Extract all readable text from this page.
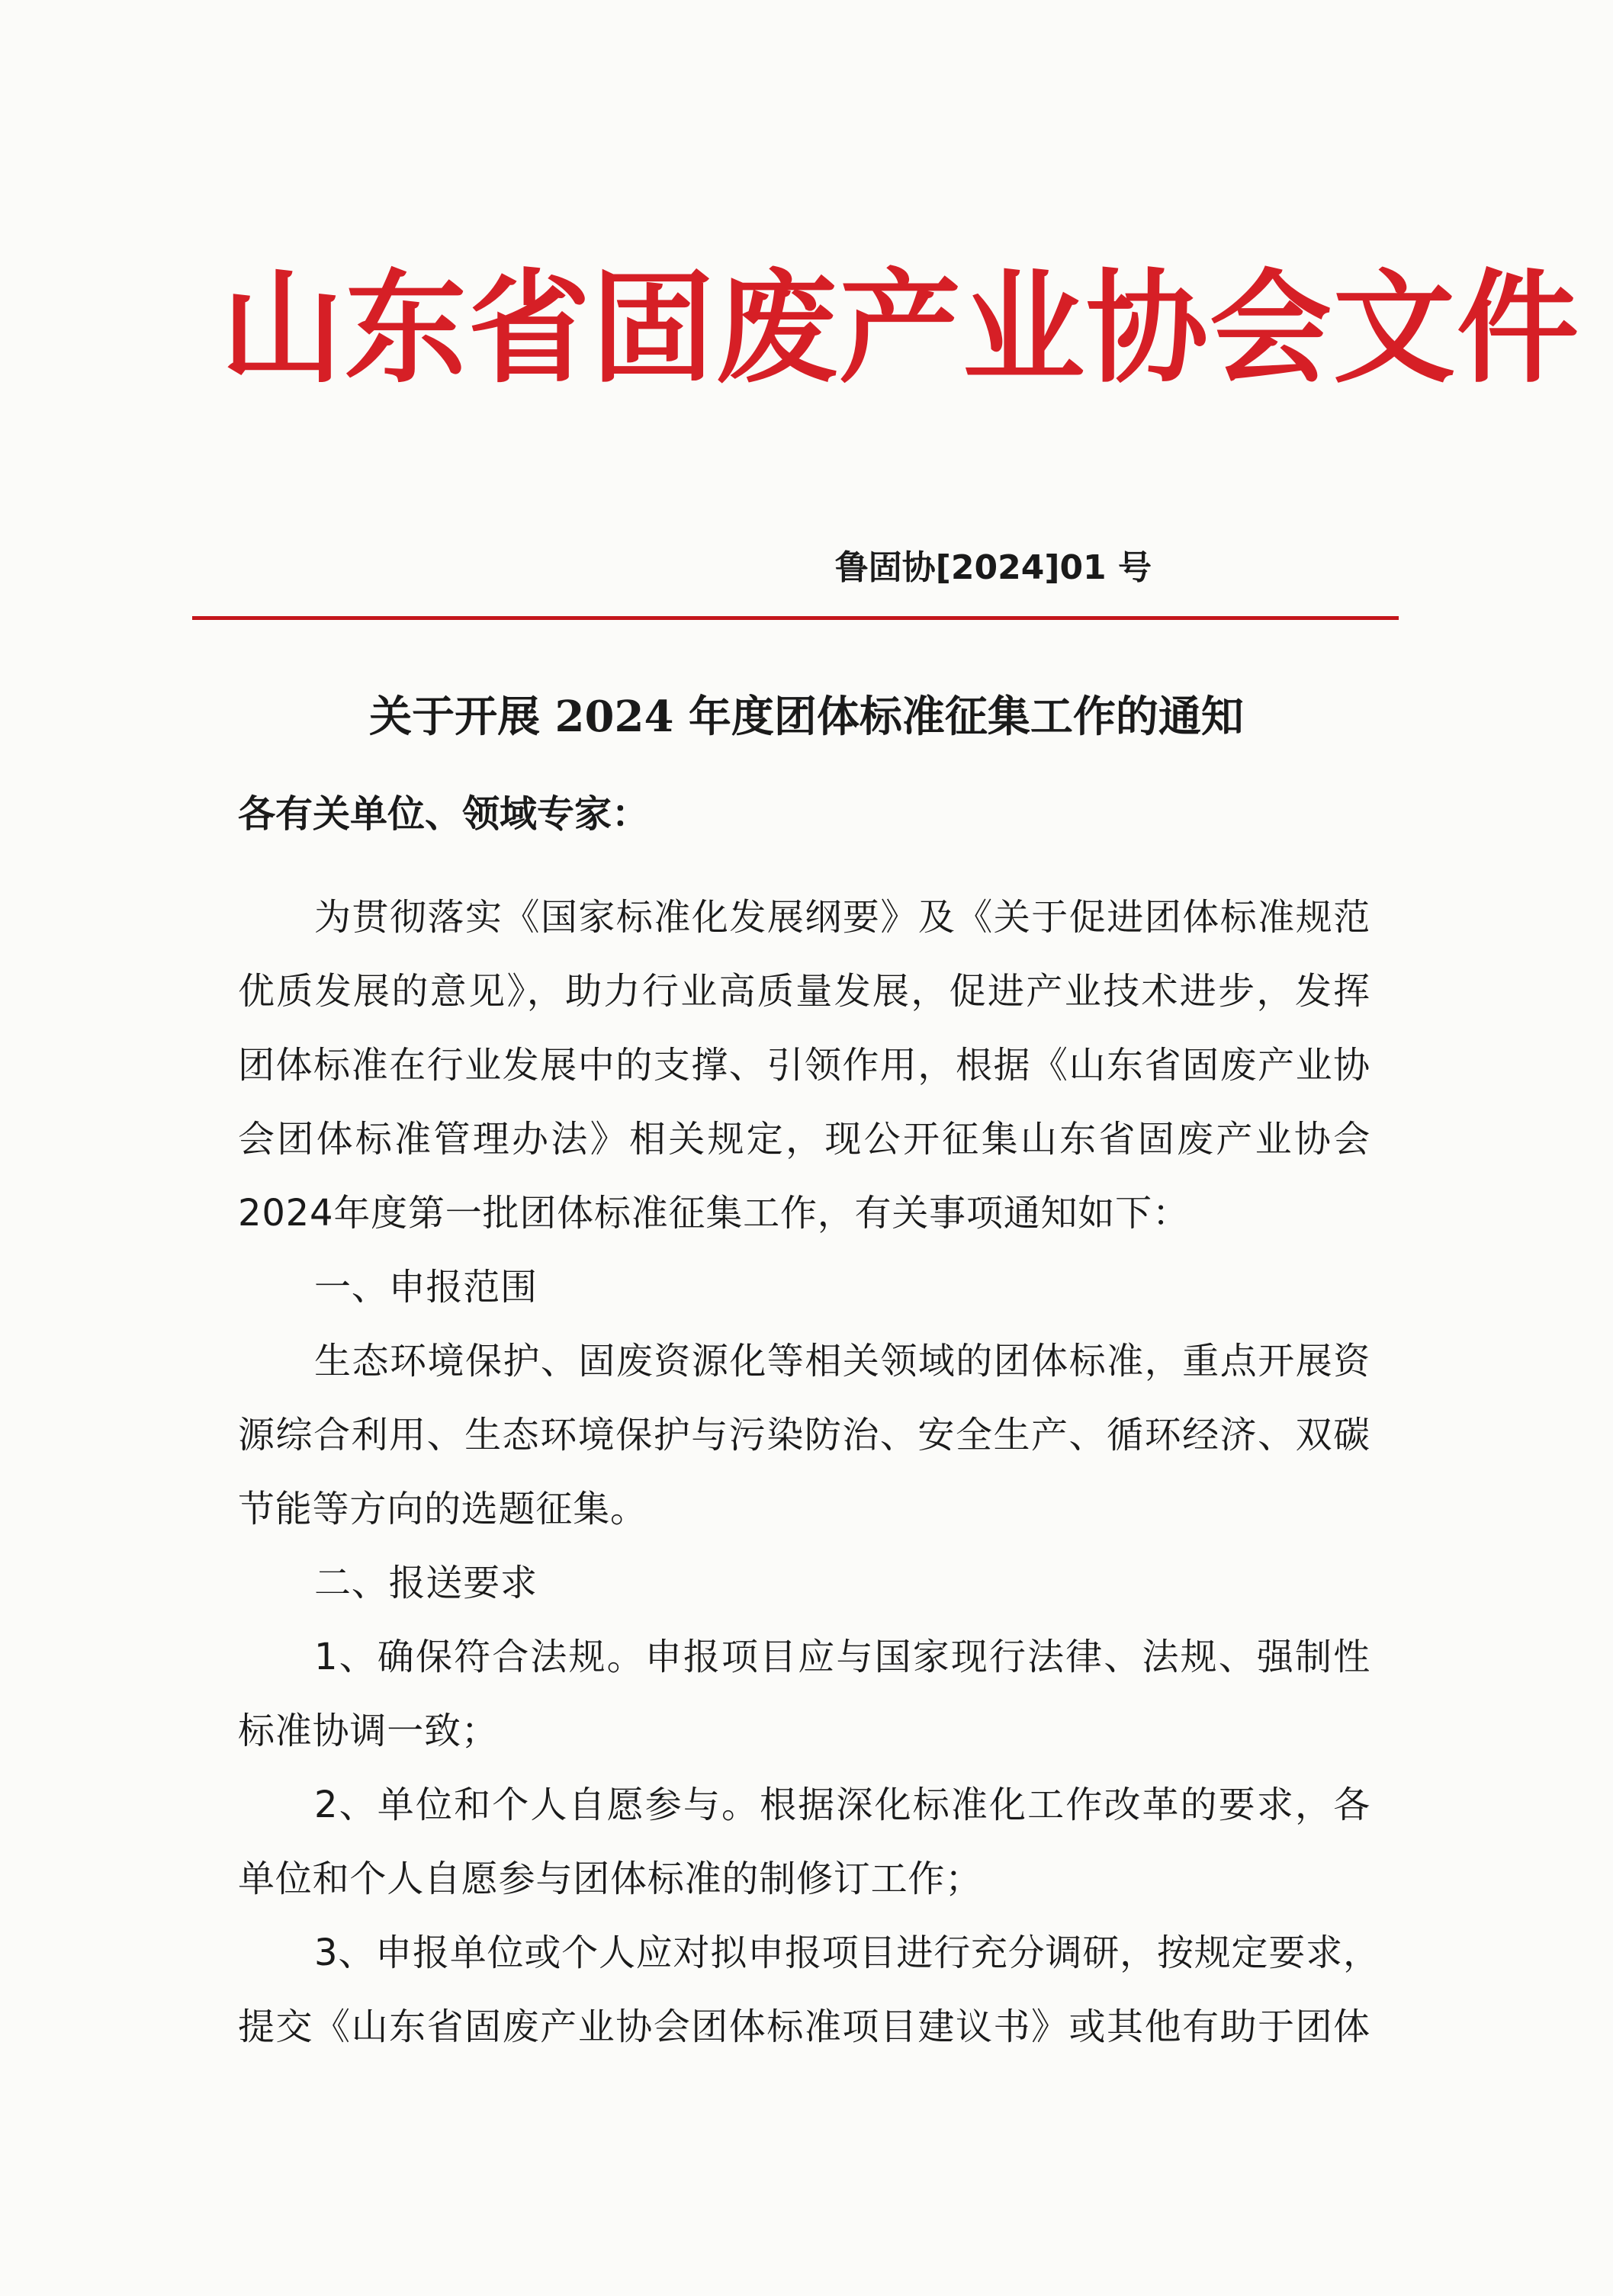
山东省固废产业协会文件
鲁固协[2024]01 号
关于开展 2024 年度团体标准征集工作的通知
各有关单位、领域专家：
为贯彻落实《国家标准化发展纲要》及《关于促进团体标准规范
优质发展的意见》，助力行业高质量发展，促进产业技术进步，发挥
团体标准在行业发展中的支撑、引领作用，根据《山东省固废产业协
会团体标准管理办法》相关规定，现公开征集山东省固废产业协会
2024年度第一批团体标准征集工作，有关事项通知如下：
一、申报范围
生态环境保护、固废资源化等相关领域的团体标准，重点开展资
源综合利用、生态环境保护与污染防治、安全生产、循环经济、双碳
节能等方向的选题征集。
二、报送要求
1、确保符合法规。申报项目应与国家现行法律、法规、强制性
标准协调一致；
2、单位和个人自愿参与。根据深化标准化工作改革的要求，各
单位和个人自愿参与团体标准的制修订工作；
3、申报单位或个人应对拟申报项目进行充分调研，按规定要求，
提交《山东省固废产业协会团体标准项目建议书》或其他有助于团体
